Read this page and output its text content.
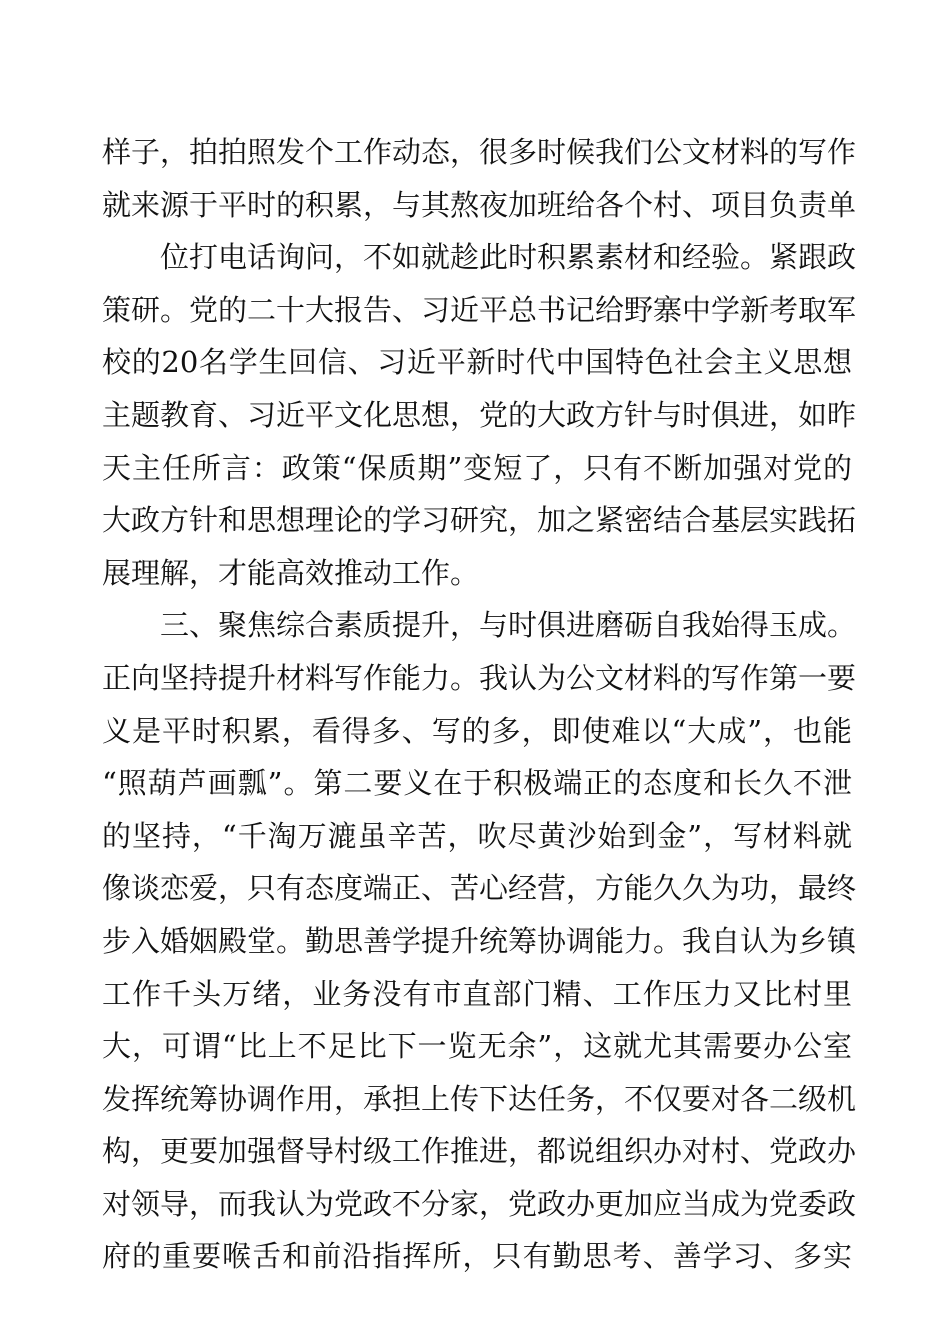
样子，拍拍照发个工作动态，很多时候我们公文材料的写作
就来源于平时的积累，与其熬夜加班给各个村、项目负责单
位打电话询问，不如就趁此时积累素材和经验。紧跟政
策研。党的二十大报告、习近平总书记给野寨中学新考取军
校的20名学生回信、习近平新时代中国特色社会主义思想
主题教育、习近平文化思想，党的大政方针与时俱进，如昨
天主任所言：政策“保质期”变短了，只有不断加强对党的
大政方针和思想理论的学习研究，加之紧密结合基层实践拓
展理解，才能高效推动工作。
三、聚焦综合素质提升，与时俱进磨砺自我始得玉成。
正向坚持提升材料写作能力。我认为公文材料的写作第一要
义是平时积累，看得多、写的多，即使难以“大成”，也能
“照葫芦画瓢”。第二要义在于积极端正的态度和长久不泄
的坚持，“千淘万漉虽辛苦，吹尽黄沙始到金”，写材料就
像谈恋爱，只有态度端正、苦心经营，方能久久为功，最终
步入婚姻殿堂。勤思善学提升统筹协调能力。我自认为乡镇
工作千头万绪，业务没有市直部门精、工作压力又比村里
大，可谓“比上不足比下一览无余”，这就尤其需要办公室
发挥统筹协调作用，承担上传下达任务，不仅要对各二级机
构，更要加强督导村级工作推进，都说组织办对村、党政办
对领导，而我认为党政不分家，党政办更加应当成为党委政
府的重要喉舌和前沿指挥所，只有勤思考、善学习、多实
